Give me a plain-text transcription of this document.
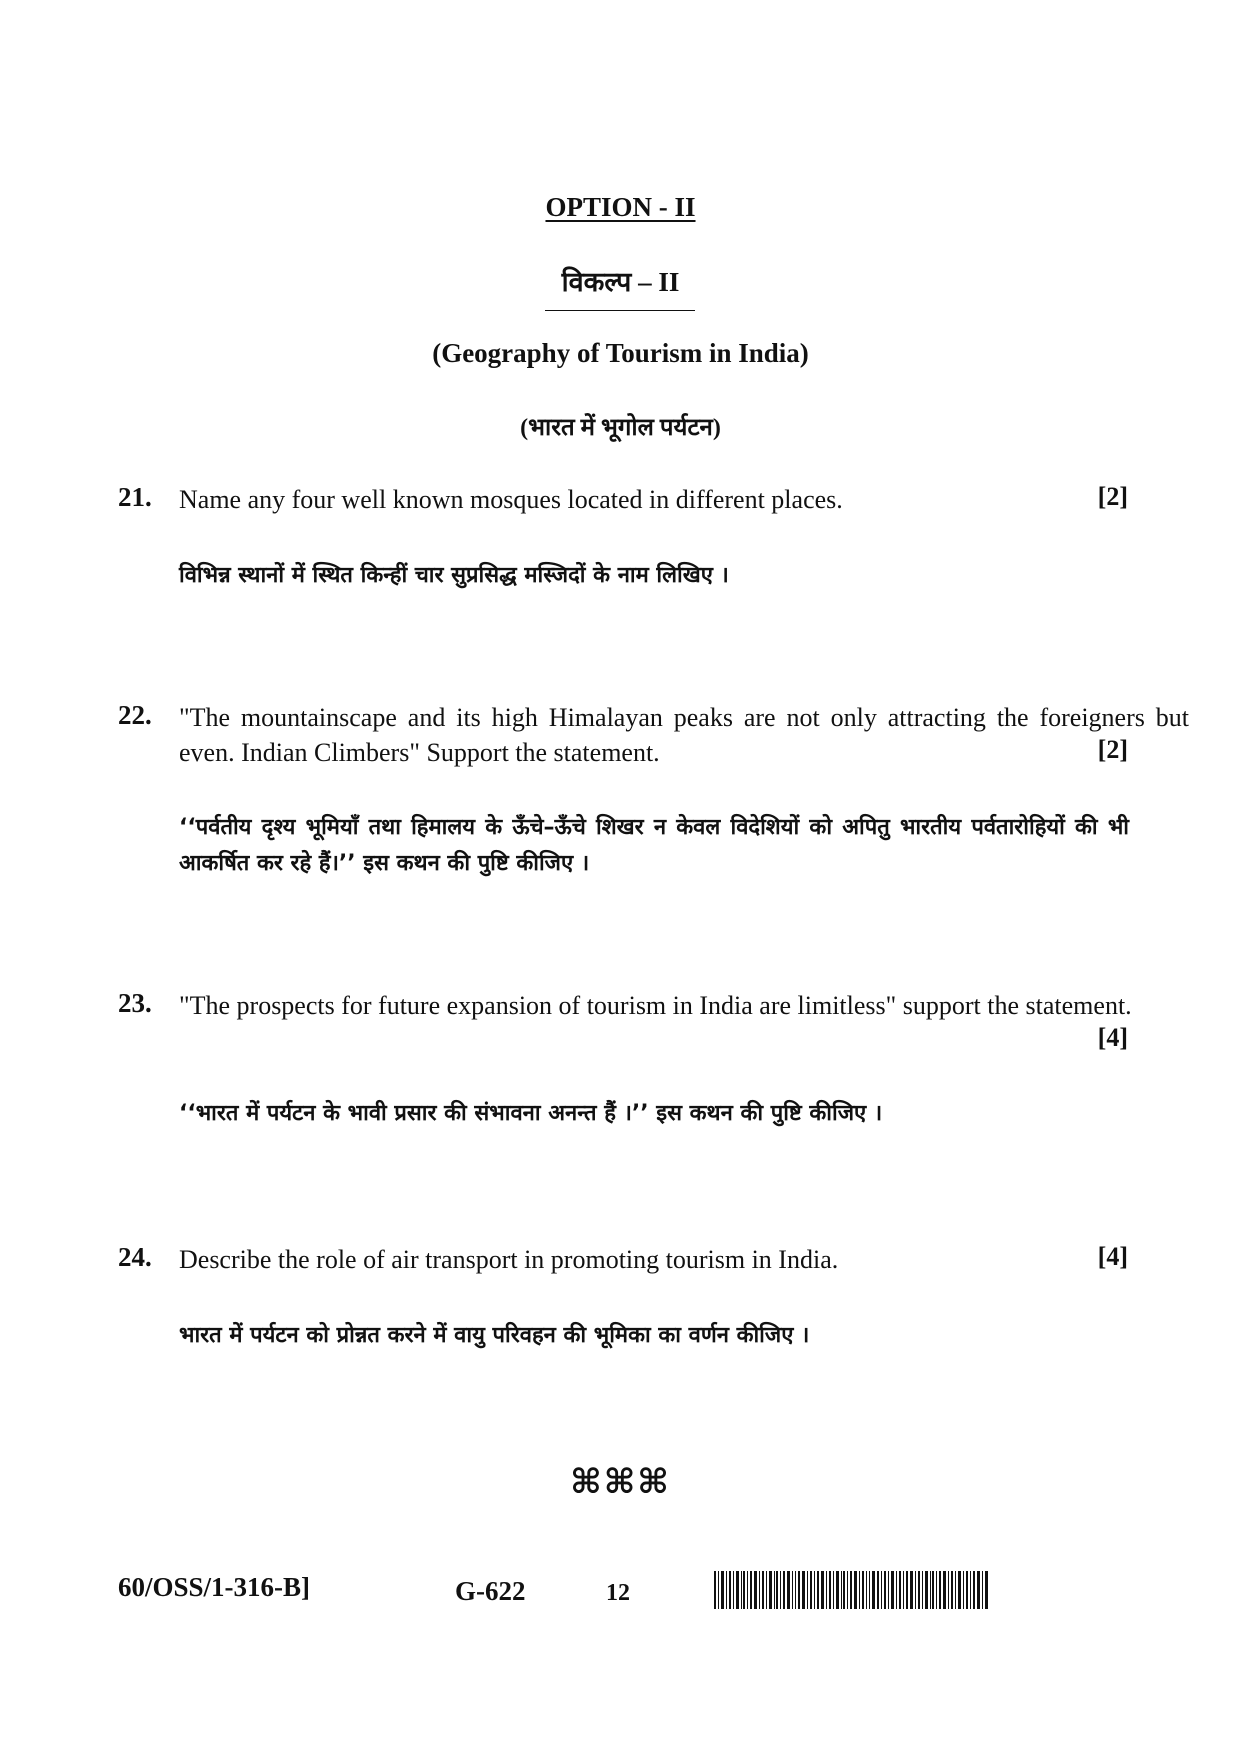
OPTION - II
विकल्प – II
(Geography of Tourism in India)
(भारत में भूगोल पर्यटन)
21. Name any four well known mosques located in different places.	[2]
विभिन्न स्थानों में स्थित किन्हीं चार सुप्रसिद्ध मस्जिदों के नाम लिखिए ।
22. "The mountainscape and its high Himalayan peaks are not only attracting the foreigners but even. Indian Climbers" Support the statement.	[2]
‘‘पर्वतीय दृश्य भूमियाँ तथा हिमालय के ऊँचे–ऊँचे शिखर न केवल विदेशियों को अपितु भारतीय पर्वतारोहियों की भी आकर्षित कर रहे हैं।’’ इस कथन की पुष्टि कीजिए ।
23. "The prospects for future expansion of tourism in India are limitless" support the statement.
[4]
‘‘भारत में पर्यटन के भावी प्रसार की संभावना अनन्त हैं ।’’ इस कथन की पुष्टि कीजिए ।
24. Describe the role of air transport in promoting tourism in India.	[4]
भारत में पर्यटन को प्रोन्नत करने में वायु परिवहन की भूमिका का वर्णन कीजिए ।
⌘⌘⌘
60/OSS/1-316-B]	G-622	12
